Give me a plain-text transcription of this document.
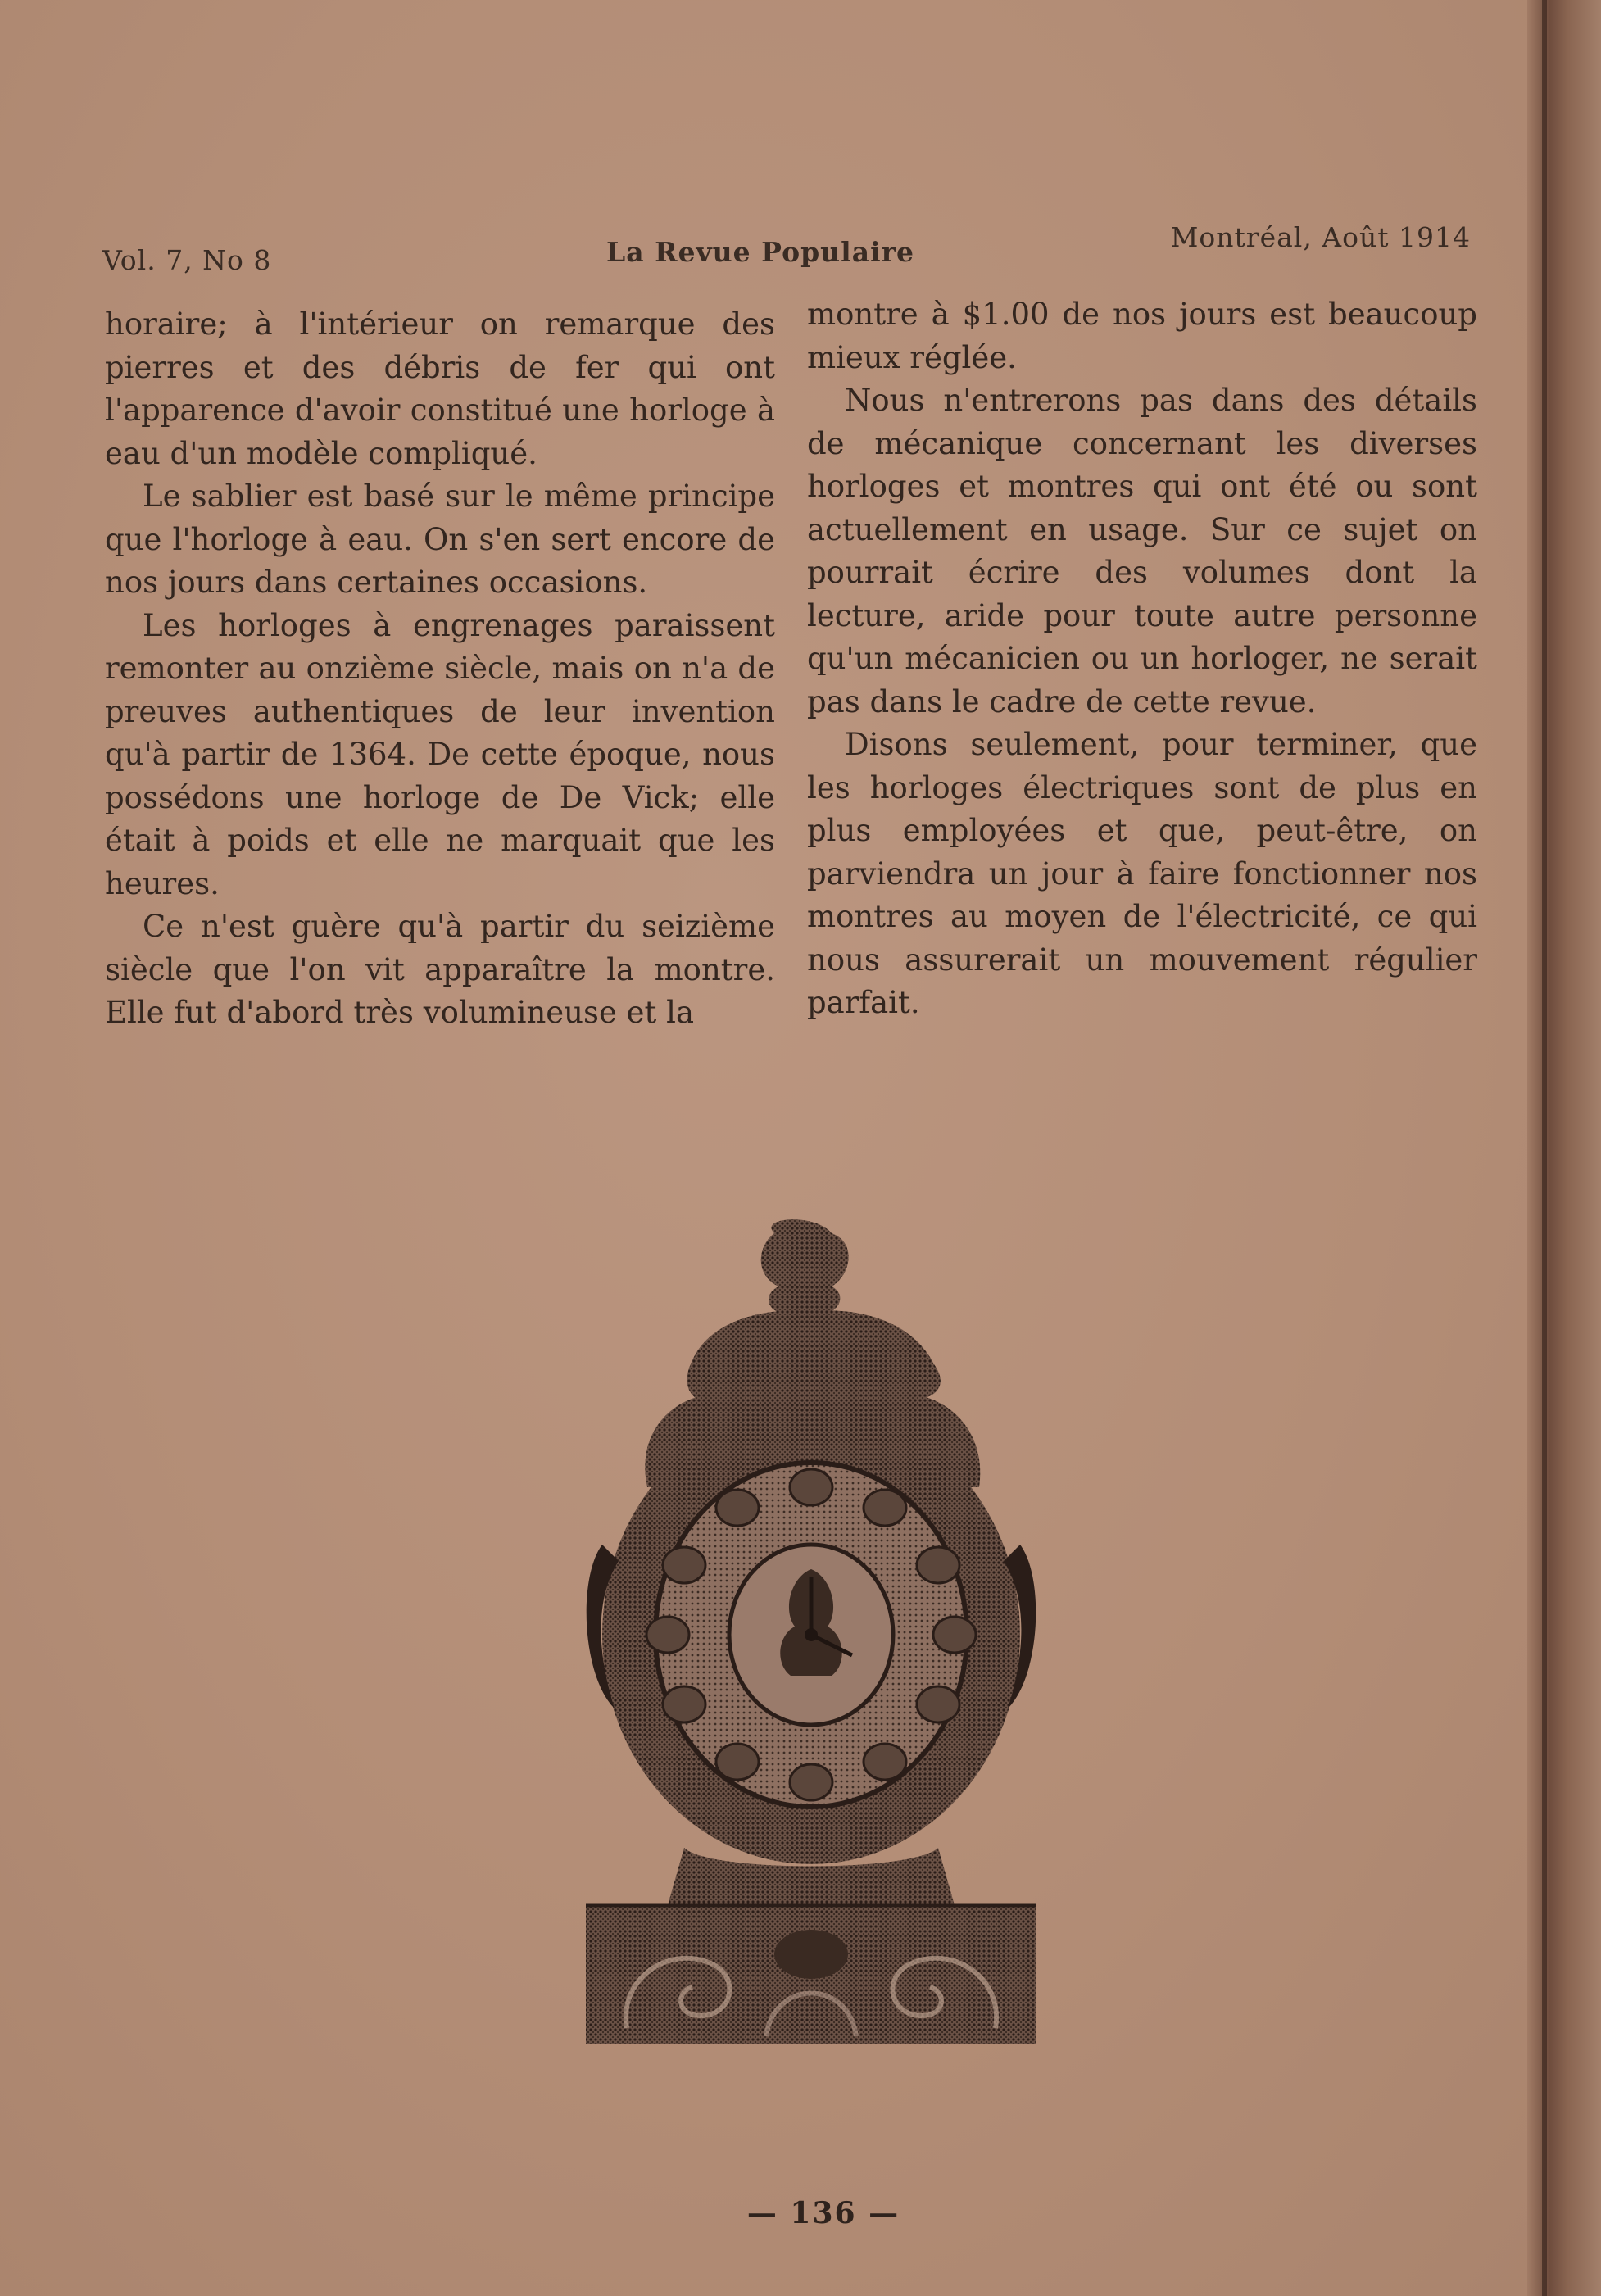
Vol. 7, No 8	La Revue Populaire	Montréal, Août 1914

horaire; à l'intérieur on remarque des pierres et des débris de fer qui ont l'apparence d'avoir constitué une horloge à eau d'un modèle compliqué.

Le sablier est basé sur le même principe que l'horloge à eau. On s'en sert encore de nos jours dans certaines occasions.

Les horloges à engrenages paraissent remonter au onzième siècle, mais on n'a de preuves authentiques de leur invention qu'à partir de 1364. De cette époque, nous possédons une horloge de De Vick; elle était à poids et elle ne marquait que les heures.

Ce n'est guère qu'à partir du seizième siècle que l'on vit apparaître la montre. Elle fut d'abord très volumineuse et la

montre à $1.00 de nos jours est beaucoup mieux réglée.

Nous n'entrerons pas dans des détails de mécanique concernant les diverses horloges et montres qui ont été ou sont actuellement en usage. Sur ce sujet on pourrait écrire des volumes dont la lecture, aride pour toute autre personne qu'un mécanicien ou un horloger, ne serait pas dans le cadre de cette revue.

Disons seulement, pour terminer, que les horloges électriques sont de plus en plus employées et que, peut-être, on parviendra un jour à faire fonctionner nos montres au moyen de l'électricité, ce qui nous assurerait un mouvement régulier parfait.

— 136 —
